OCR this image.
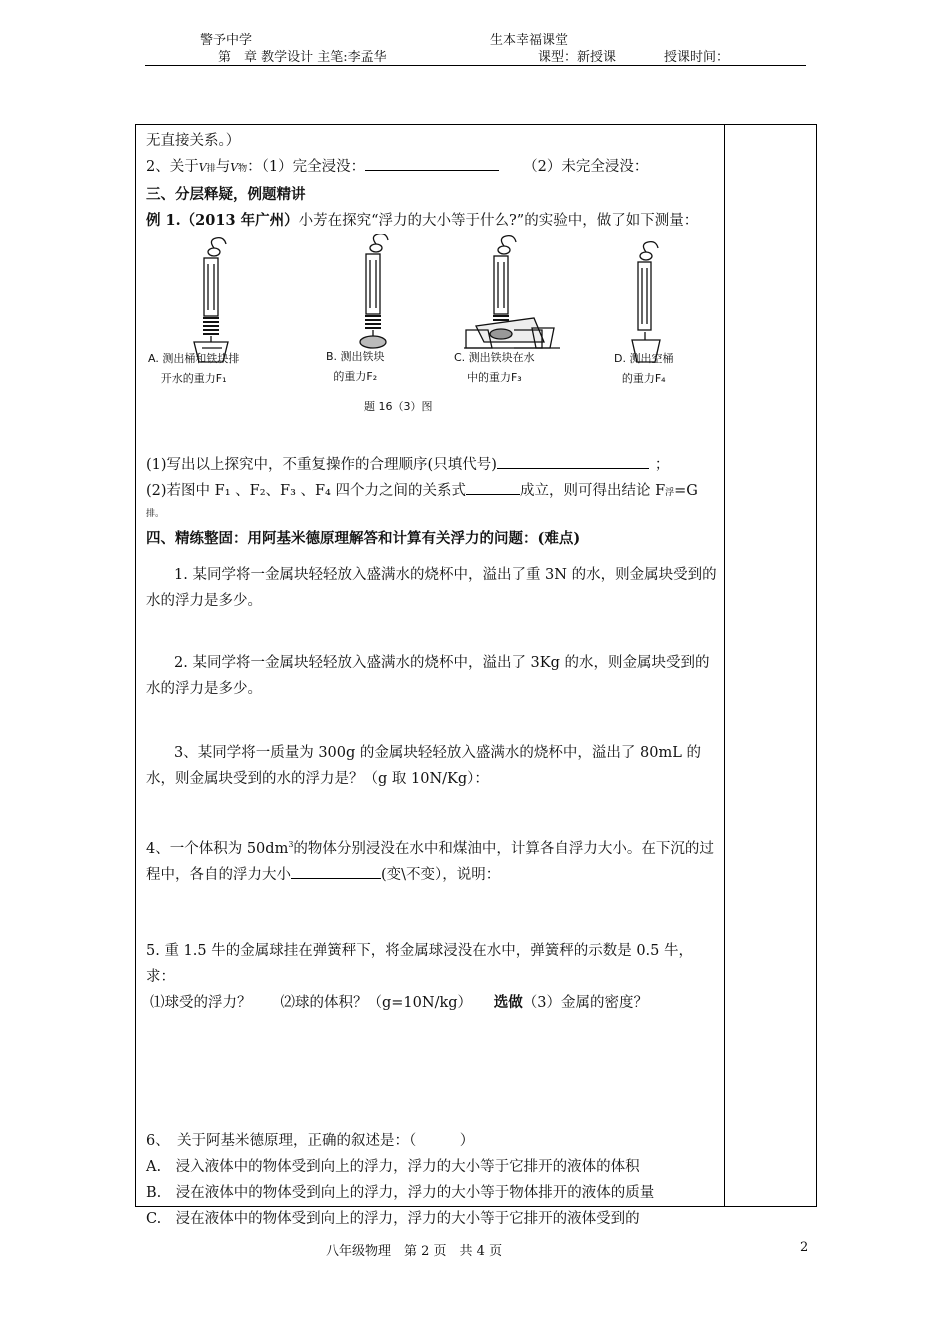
警予中学	生本幸福课堂
第　章 教学设计 主笔:李孟华	课型：新授课	授课时间：

无直接关系。）

2、关于V排与V物：（1）完全浸没：	（2）未完全浸没：

三、分层释疑，例题精讲

例 1.（2013 年广州）小芳在探究“浮力的大小等于什么?”的实验中，做了如下测量：

A. 测出桶和铁块排
开水的重力F₁
B. 测出铁块
的重力F₂
C. 测出铁块在水
中的重力F₃
D. 测出空桶
的重力F₄
题 16（3）图

(1)写出以上探究中，不重复操作的合理顺序(只填代号)	；

(2)若图中 F₁ 、F₂、F₃ 、F₄ 四个力之间的关系式	成立，则可得出结论 F浮=G

排。

四、精练整固：用阿基米德原理解答和计算有关浮力的问题：(难点)

1. 某同学将一金属块轻轻放入盛满水的烧杯中，溢出了重 3N 的水，则金属块受到的水的浮力是多少。

2. 某同学将一金属块轻轻放入盛满水的烧杯中，溢出了 3Kg 的水，则金属块受到的水的浮力是多少。

3、某同学将一质量为 300g 的金属块轻轻放入盛满水的烧杯中，溢出了 80mL 的水，则金属块受到的水的浮力是？（g 取 10N/Kg）：

4、一个体积为 $50dm^3$的物体分别浸没在水中和煤油中，计算各自浮力大小。在下沉的过程中，各自的浮力大小	(变\不变），说明：

5. 重 1.5 牛的金属球挂在弹簧秤下，将金属球浸没在水中，弹簧秤的示数是 0.5 牛，求：

⑴球受的浮力？　　⑵球的体积？（g=10N/kg）　　选做（3）金属的密度？

6、　关于阿基米德原理，正确的叙述是：（　　　）

A.　浸入液体中的物体受到向上的浮力，浮力的大小等于它排开的液体的体积

B.　浸在液体中的物体受到向上的浮力，浮力的大小等于物体排开的液体的质量

C.　浸在液体中的物体受到向上的浮力，浮力的大小等于它排开的液体受到的

八年级物理　第 2 页　共 4 页	2
